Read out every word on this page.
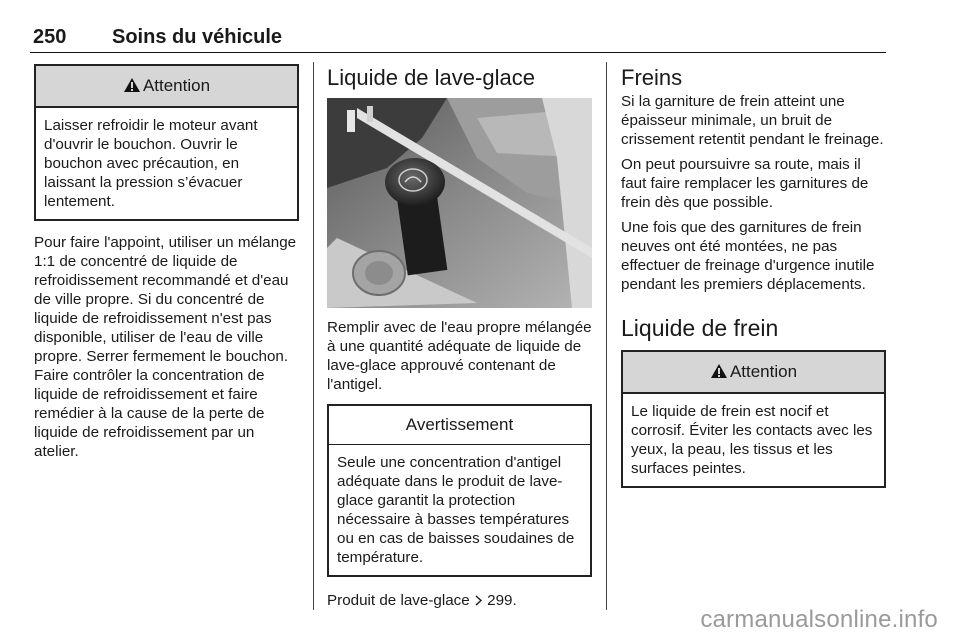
250 Soins du véhicule
Attention
Laisser refroidir le moteur avant d'ouvrir le bouchon. Ouvrir le bouchon avec précaution, en laissant la pression s’évacuer lentement.

Pour faire l'appoint, utiliser un mélange 1:1 de concentré de liquide de refroidissement recommandé et d'eau de ville propre. Si du concentré de liquide de refroidissement n'est pas disponible, utiliser de l'eau de ville propre. Serrer fermement le bouchon. Faire contrôler la concentration de liquide de refroidissement et faire remédier à la cause de la perte de liquide de refroidissement par un atelier.

Liquide de lave-glace

Remplir avec de l'eau propre mélangée à une quantité adéquate de liquide de lave-glace approuvé contenant de l'antigel.

Avertissement
Seule une concentration d'antigel adéquate dans le produit de lave-glace garantit la protection nécessaire à basses températures ou en cas de baisses soudaines de température.

Produit de lave-glace 299.

Freins

Si la garniture de frein atteint une épaisseur minimale, un bruit de crissement retentit pendant le freinage.

On peut poursuivre sa route, mais il faut faire remplacer les garnitures de frein dès que possible.

Une fois que des garnitures de frein neuves ont été montées, ne pas effectuer de freinage d'urgence inutile pendant les premiers déplacements.

Liquide de frein
Attention
Le liquide de frein est nocif et corrosif. Éviter les contacts avec les yeux, la peau, les tissus et les surfaces peintes.
carmanualsonline.info
